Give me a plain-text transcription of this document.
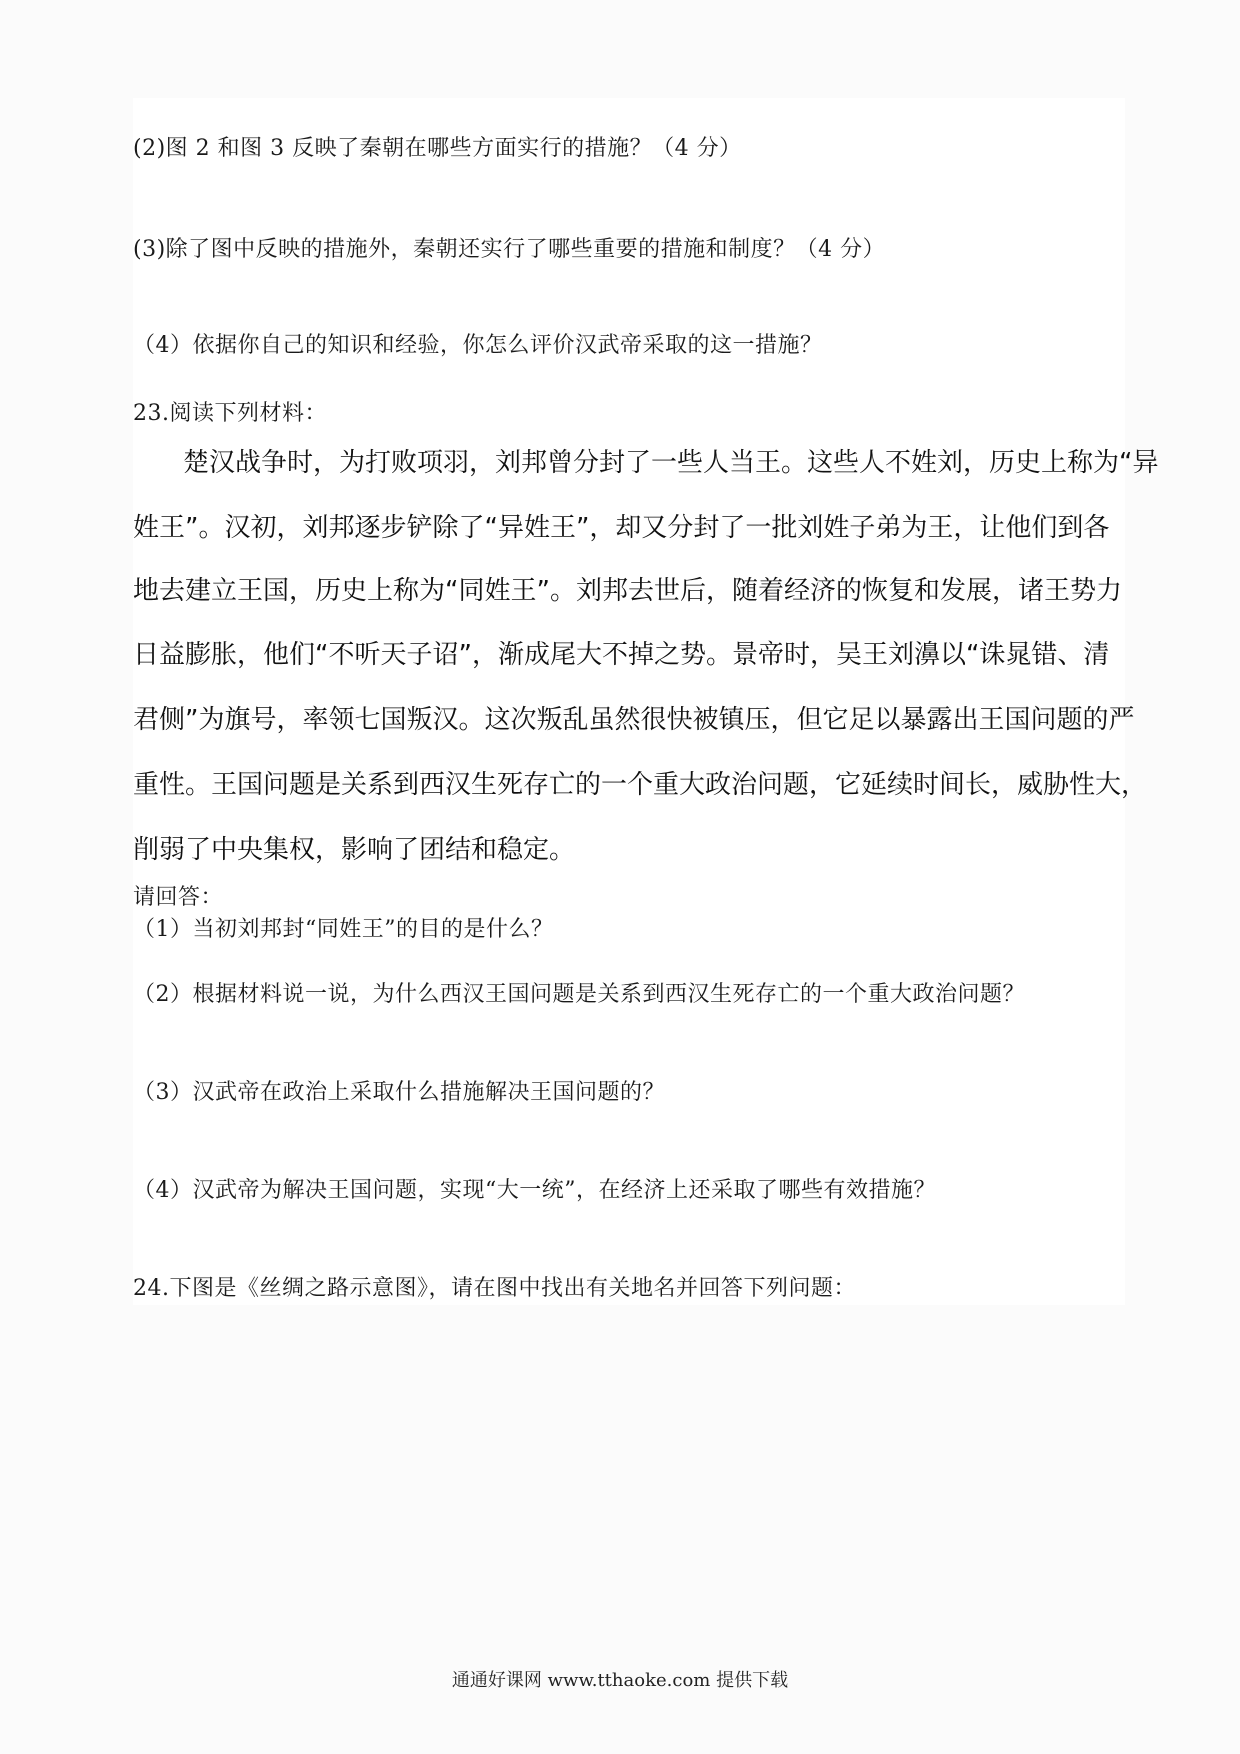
(2)图 2 和图 3 反映了秦朝在哪些方面实行的措施？（4 分）
(3)除了图中反映的措施外，秦朝还实行了哪些重要的措施和制度？（4 分）
（4）依据你自己的知识和经验，你怎么评价汉武帝采取的这一措施？
23.阅读下列材料：
楚汉战争时，为打败项羽，刘邦曾分封了一些人当王。这些人不姓刘，历史上称为“异
姓王”。汉初，刘邦逐步铲除了“异姓王”，却又分封了一批刘姓子弟为王，让他们到各
地去建立王国，历史上称为“同姓王”。刘邦去世后，随着经济的恢复和发展，诸王势力
日益膨胀，他们“不听天子诏”，渐成尾大不掉之势。景帝时，吴王刘濞以“诛晁错、清
君侧”为旗号，率领七国叛汉。这次叛乱虽然很快被镇压，但它足以暴露出王国问题的严
重性。王国问题是关系到西汉生死存亡的一个重大政治问题，它延续时间长，威胁性大，
削弱了中央集权，影响了团结和稳定。
请回答：
（1）当初刘邦封“同姓王”的目的是什么？
（2）根据材料说一说，为什么西汉王国问题是关系到西汉生死存亡的一个重大政治问题？
（3）汉武帝在政治上采取什么措施解决王国问题的？
（4）汉武帝为解决王国问题，实现“大一统”，在经济上还采取了哪些有效措施？
24.下图是《丝绸之路示意图》，请在图中找出有关地名并回答下列问题：
通通好课网 www.tthaoke.com 提供下载
